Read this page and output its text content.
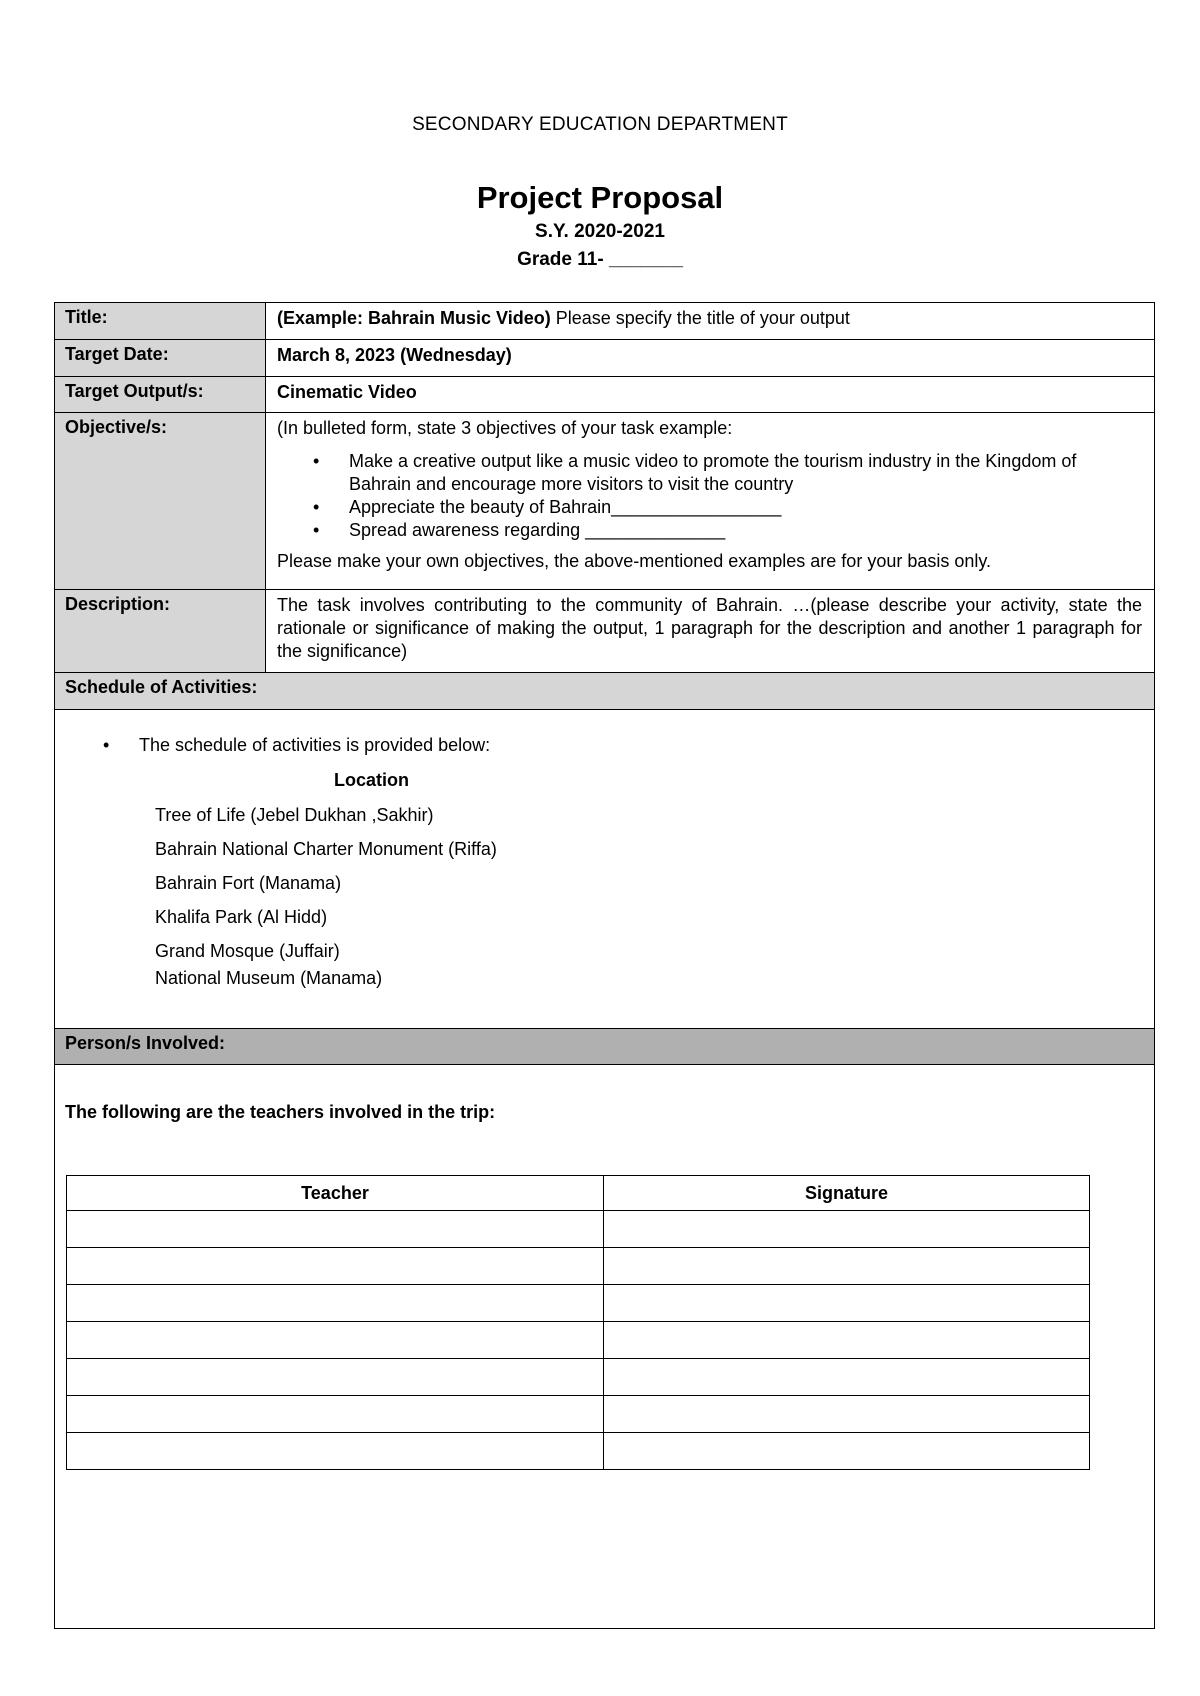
SECONDARY EDUCATION DEPARTMENT
Project Proposal
S.Y. 2020-2021
Grade 11- _______
Title:	(Example: Bahrain Music Video) Please specify the title of your output
Target Date:	March 8, 2023 (Wednesday)
Target Output/s:	Cinematic Video
Objective/s:	(In bulleted form, state 3 objectives of your task example:
• Make a creative output like a music video to promote the tourism industry in the Kingdom of Bahrain and encourage more visitors to visit the country
• Appreciate the beauty of Bahrain_________________
• Spread awareness regarding ______________
Please make your own objectives, the above-mentioned examples are for your basis only.
Description:	The task involves contributing to the community of Bahrain. …(please describe your activity, state the rationale or significance of making the output, 1 paragraph for the description and another 1 paragraph for the significance)
Schedule of Activities:
• The schedule of activities is provided below:
Location
Tree of Life (Jebel Dukhan ,Sakhir)
Bahrain National Charter Monument (Riffa)
Bahrain Fort (Manama)
Khalifa Park (Al Hidd)
Grand Mosque (Juffair)
National Museum (Manama)
Person/s Involved:
The following are the teachers involved in the trip:
Teacher	Signature
